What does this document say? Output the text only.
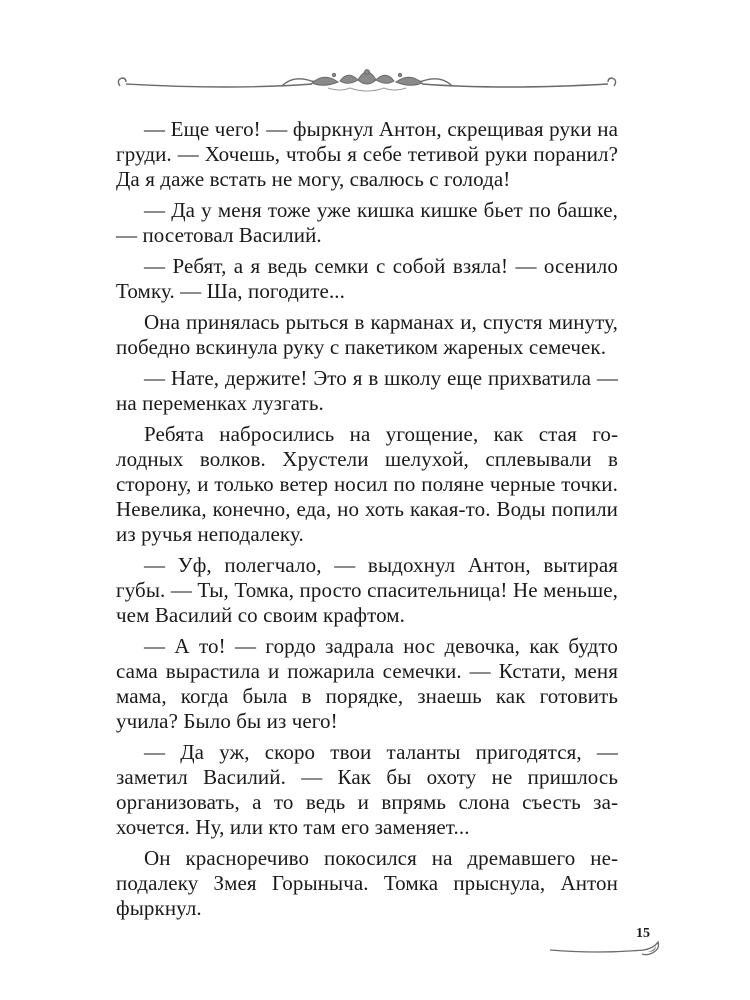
— Еще чего! — фыркнул Антон, скрещивая руки на груди. — Хочешь, чтобы я себе тетивой руки поранил? Да я даже встать не могу, свалюсь с голода!

— Да у меня тоже уже кишка кишке бьет по башке, — посетовал Василий.

— Ребят, а я ведь семки с собой взяла! — осенило Томку. — Ша, погодите...

Она принялась рыться в карманах и, спустя минуту, победно вскинула руку с пакетиком жареных семечек.

— Нате, держите! Это я в школу еще прихватила — на переменках лузгать.

Ребята набросились на угощение, как стая голодных волков. Хрустели шелухой, сплевывали в сторону, и только ветер носил по поляне черные точки. Невелика, конечно, еда, но хоть какая-то. Воды попили из ручья неподалеку.

— Уф, полегчало, — выдохнул Антон, вытирая губы. — Ты, Томка, просто спасительница! Не меньше, чем Василий со своим крафтом.

— А то! — гордо задрала нос девочка, как будто сама вырастила и пожарила семечки. — Кстати, меня мама, когда была в порядке, знаешь как готовить учила? Было бы из чего!

— Да уж, скоро твои таланты пригодятся, — заметил Василий. — Как бы охоту не пришлось организовать, а то ведь и впрямь слона съесть захочется. Ну, или кто там его заменяет...

Он красноречиво покосился на дремавшего неподалеку Змея Горыныча. Томка прыснула, Антон фыркнул.

15
